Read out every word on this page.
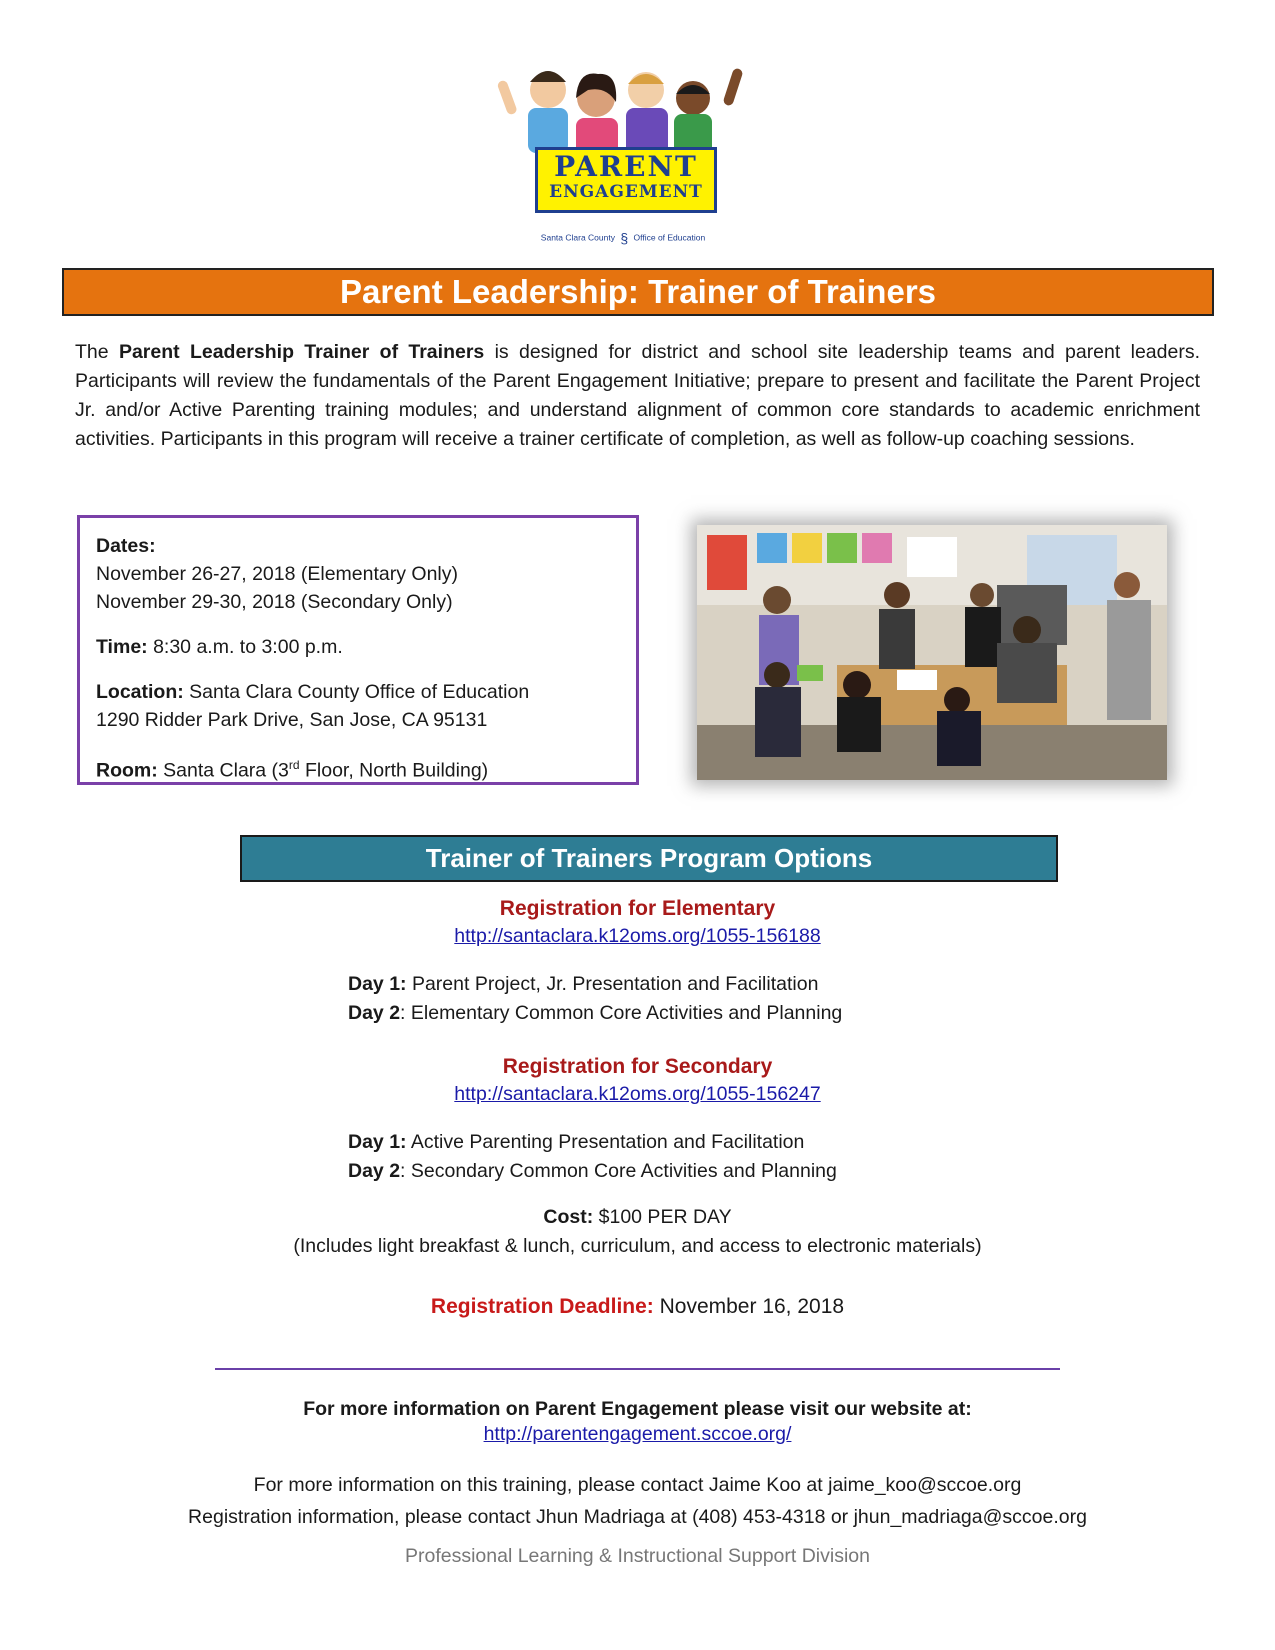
PARENT
ENGAGEMENT
Santa Clara County § Office of Education
Parent Leadership: Trainer of Trainers
The Parent Leadership Trainer of Trainers is designed for district and school site leadership teams and parent leaders. Participants will review the fundamentals of the Parent Engagement Initiative; prepare to present and facilitate the Parent Project Jr. and/or Active Parenting training modules; and understand alignment of common core standards to academic enrichment activities. Participants in this program will receive a trainer certificate of completion, as well as follow-up coaching sessions.
Dates:
November 26-27, 2018 (Elementary Only)
November 29-30, 2018 (Secondary Only)
Time: 8:30 a.m. to 3:00 p.m.
Location: Santa Clara County Office of Education
1290 Ridder Park Drive, San Jose, CA 95131
Room: Santa Clara (3rd Floor, North Building)
Trainer of Trainers Program Options
Registration for Elementary
http://santaclara.k12oms.org/1055-156188
Day 1: Parent Project, Jr. Presentation and Facilitation
Day 2: Elementary Common Core Activities and Planning
Registration for Secondary
http://santaclara.k12oms.org/1055-156247
Day 1: Active Parenting Presentation and Facilitation
Day 2: Secondary Common Core Activities and Planning
Cost: $100 PER DAY
(Includes light breakfast & lunch, curriculum, and access to electronic materials)
Registration Deadline: November 16, 2018
For more information on Parent Engagement please visit our website at:
http://parentengagement.sccoe.org/
For more information on this training, please contact Jaime Koo at jaime_koo@sccoe.org
Registration information, please contact Jhun Madriaga at (408) 453-4318 or jhun_madriaga@sccoe.org
Professional Learning & Instructional Support Division
